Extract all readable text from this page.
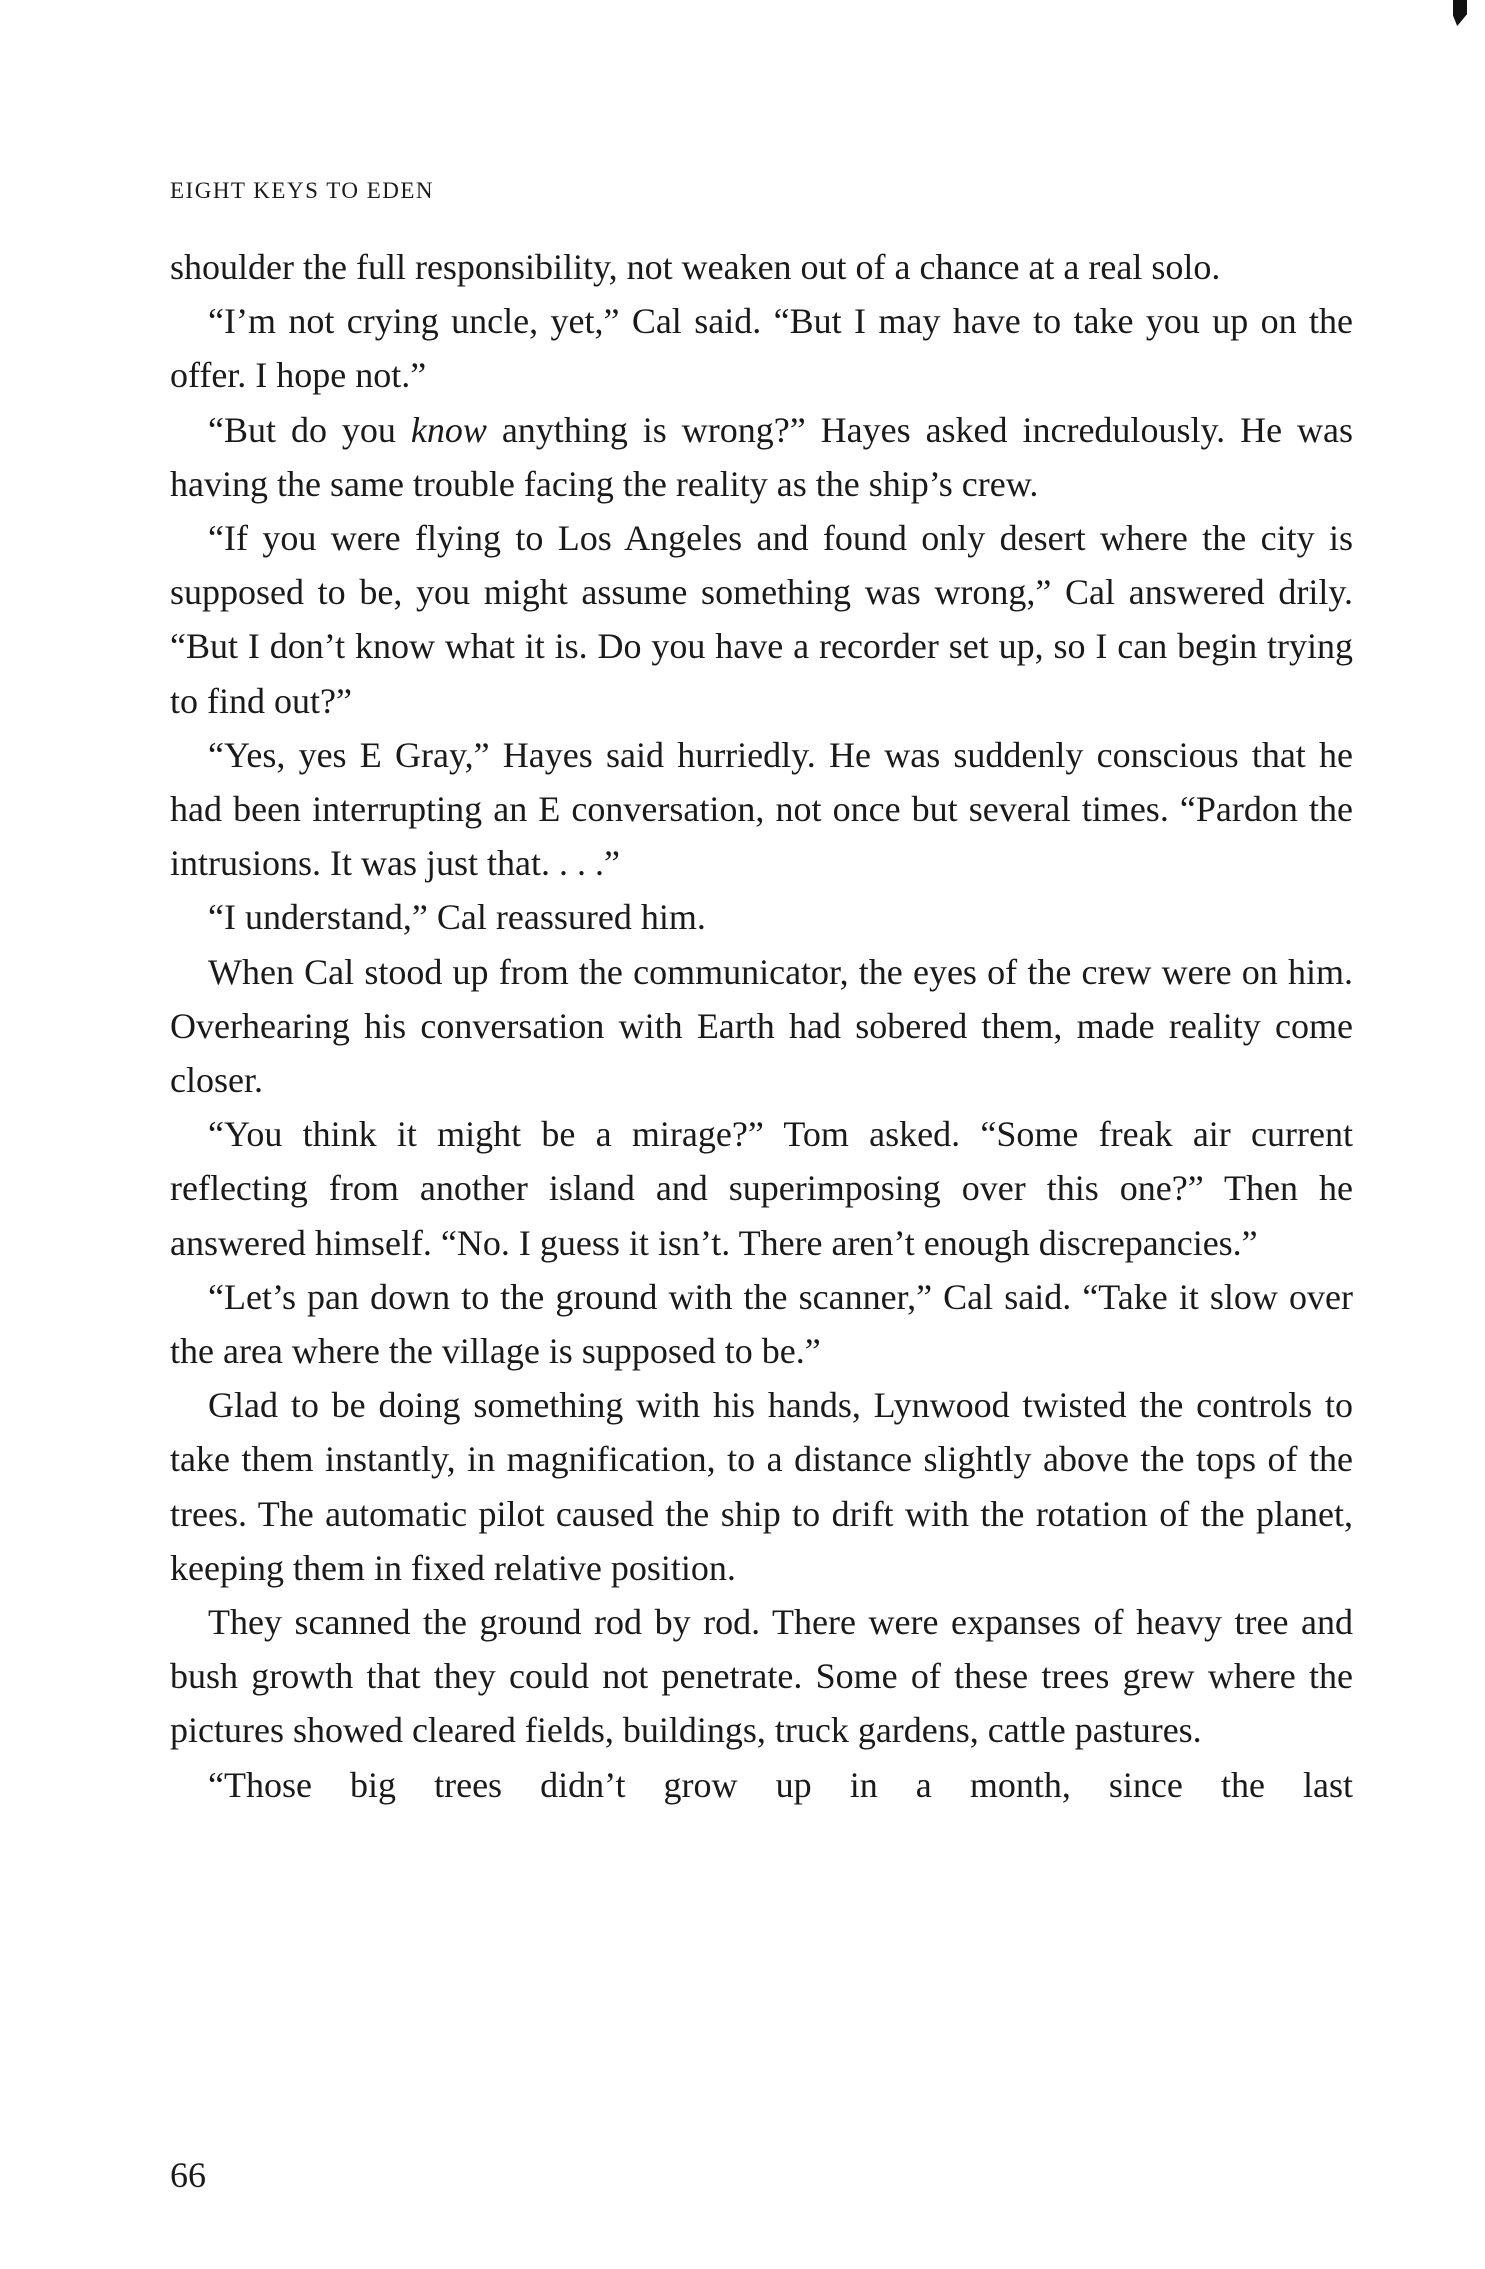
EIGHT KEYS TO EDEN

shoulder the full responsibility, not weaken out of a chance at a real solo.

“I’m not crying uncle, yet,” Cal said. “But I may have to take you up on the offer. I hope not.”

“But do you know anything is wrong?” Hayes asked incredulously. He was having the same trouble facing the reality as the ship’s crew.

“If you were flying to Los Angeles and found only desert where the city is supposed to be, you might assume something was wrong,” Cal answered drily. “But I don’t know what it is. Do you have a recorder set up, so I can begin trying to find out?”

“Yes, yes E Gray,” Hayes said hurriedly. He was suddenly conscious that he had been interrupting an E conversation, not once but several times. “Pardon the intrusions. It was just that. . . .”

“I understand,” Cal reassured him.

When Cal stood up from the communicator, the eyes of the crew were on him. Overhearing his conversation with Earth had sobered them, made reality come closer.

“You think it might be a mirage?” Tom asked. “Some freak air current reflecting from another island and superimposing over this one?” Then he answered himself. “No. I guess it isn’t. There aren’t enough discrepancies.”

“Let’s pan down to the ground with the scanner,” Cal said. “Take it slow over the area where the village is supposed to be.”

Glad to be doing something with his hands, Lynwood twisted the controls to take them instantly, in magnification, to a distance slightly above the tops of the trees. The automatic pilot caused the ship to drift with the rotation of the planet, keeping them in fixed relative position.

They scanned the ground rod by rod. There were expanses of heavy tree and bush growth that they could not penetrate. Some of these trees grew where the pictures showed cleared fields, buildings, truck gardens, cattle pastures.

“Those big trees didn’t grow up in a month, since the last

66
